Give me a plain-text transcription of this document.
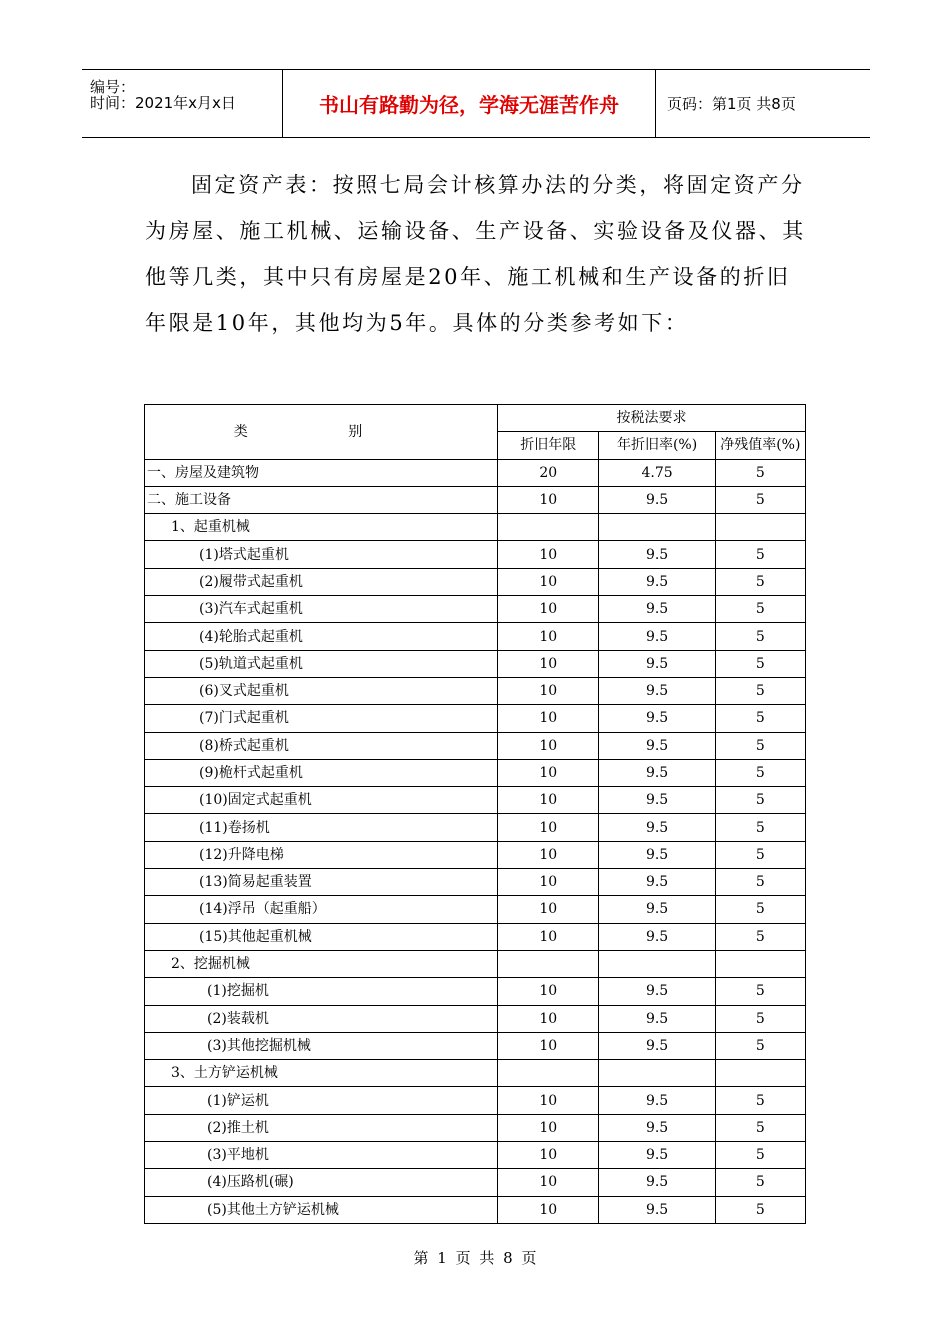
编号：
时间：2021年x月x日	书山有路勤为径，学海无涯苦作舟	页码：第1页 共8页
固定资产表：按照七局会计核算办法的分类，将固定资产分为房屋、施工机械、运输设备、生产设备、实验设备及仪器、其他等几类，其中只有房屋是20年、施工机械和生产设备的折旧年限是10年，其他均为5年。具体的分类参考如下：
类 别	按税法要求		
	折旧年限	年折旧率(%)	净残值率(%)
一、房屋及建筑物	20	4.75	5
二、施工设备	10	9.5	5
1、起重机械			
(1)塔式起重机	10	9.5	5
(2)履带式起重机	10	9.5	5
(3)汽车式起重机	10	9.5	5
(4)轮胎式起重机	10	9.5	5
(5)轨道式起重机	10	9.5	5
(6)叉式起重机	10	9.5	5
(7)门式起重机	10	9.5	5
(8)桥式起重机	10	9.5	5
(9)桅杆式起重机	10	9.5	5
(10)固定式起重机	10	9.5	5
(11)卷扬机	10	9.5	5
(12)升降电梯	10	9.5	5
(13)简易起重装置	10	9.5	5
(14)浮吊（起重船）	10	9.5	5
(15)其他起重机械	10	9.5	5
2、挖掘机械			
(1)挖掘机	10	9.5	5
(2)装载机	10	9.5	5
(3)其他挖掘机械	10	9.5	5
3、土方铲运机械			
(1)铲运机	10	9.5	5
(2)推土机	10	9.5	5
(3)平地机	10	9.5	5
(4)压路机(碾)	10	9.5	5
(5)其他土方铲运机械	10	9.5	5
第 1 页 共 8 页
